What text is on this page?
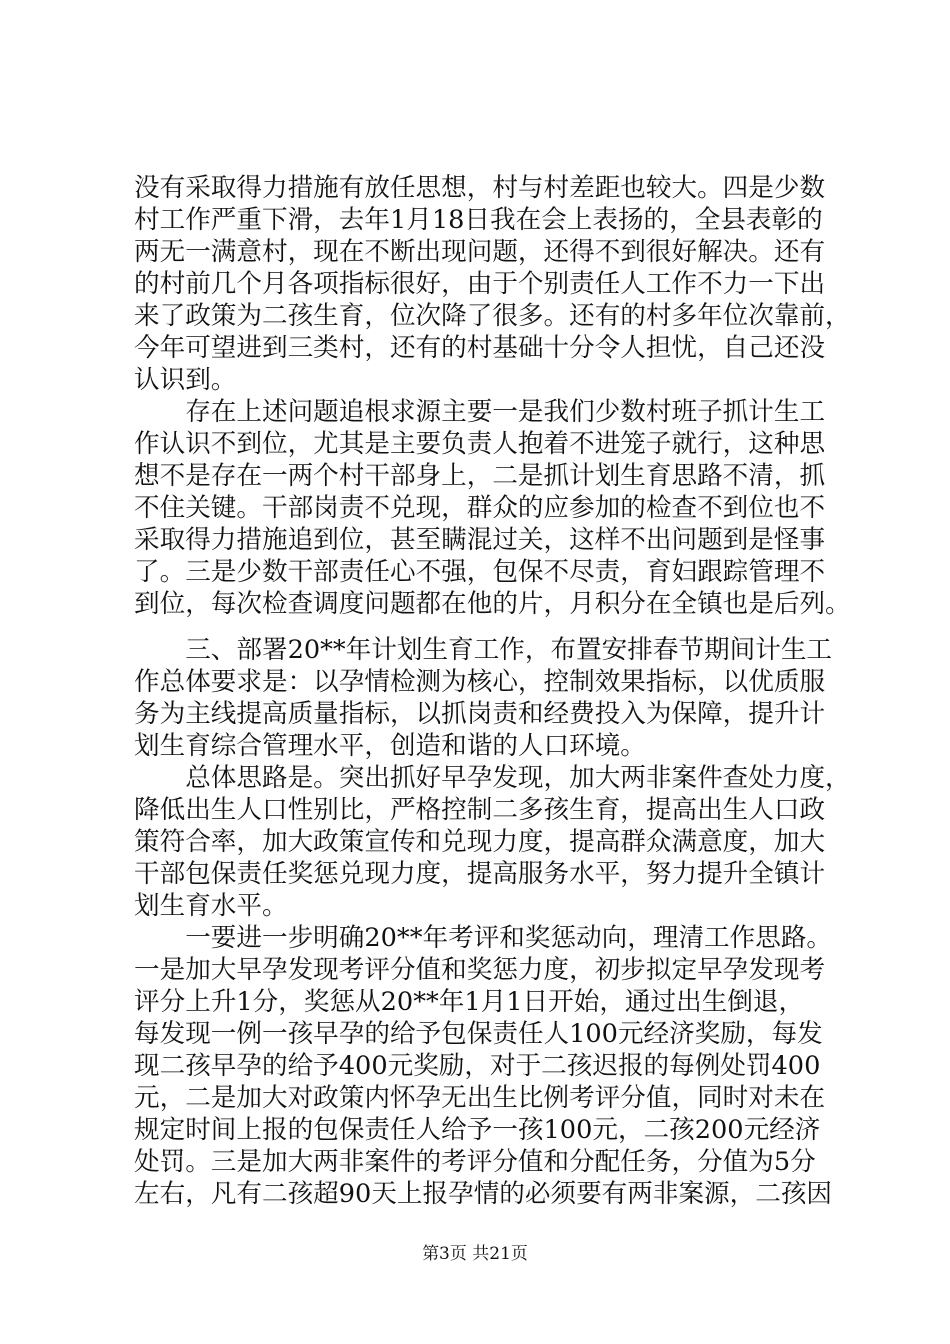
没有采取得力措施有放任思想，村与村差距也较大。四是少数
村工作严重下滑，去年1月18日我在会上表扬的，全县表彰的
两无一满意村，现在不断出现问题，还得不到很好解决。还有
的村前几个月各项指标很好，由于个别责任人工作不力一下出
来了政策为二孩生育，位次降了很多。还有的村多年位次靠前，
今年可望进到三类村，还有的村基础十分令人担忧，自己还没
认识到。
　　存在上述问题追根求源主要一是我们少数村班子抓计生工
作认识不到位，尤其是主要负责人抱着不进笼子就行，这种思
想不是存在一两个村干部身上，二是抓计划生育思路不清，抓
不住关键。干部岗责不兑现，群众的应参加的检查不到位也不
采取得力措施追到位，甚至瞒混过关，这样不出问题到是怪事
了。三是少数干部责任心不强，包保不尽责，育妇跟踪管理不
到位，每次检查调度问题都在他的片，月积分在全镇也是后列。
　　三、部署20**年计划生育工作，布置安排春节期间计生工
作总体要求是：以孕情检测为核心，控制效果指标，以优质服
务为主线提高质量指标，以抓岗责和经费投入为保障，提升计
划生育综合管理水平，创造和谐的人口环境。
　　总体思路是。突出抓好早孕发现，加大两非案件查处力度，
降低出生人口性别比，严格控制二多孩生育，提高出生人口政
策符合率，加大政策宣传和兑现力度，提高群众满意度，加大
干部包保责任奖惩兑现力度，提高服务水平，努力提升全镇计
划生育水平。
　　一要进一步明确20**年考评和奖惩动向，理清工作思路。
一是加大早孕发现考评分值和奖惩力度，初步拟定早孕发现考
评分上升1分，奖惩从20**年1月1日开始，通过出生倒退，
每发现一例一孩早孕的给予包保责任人100元经济奖励，每发
现二孩早孕的给予400元奖励，对于二孩迟报的每例处罚400
元，二是加大对政策内怀孕无出生比例考评分值，同时对未在
规定时间上报的包保责任人给予一孩100元，二孩200元经济
处罚。三是加大两非案件的考评分值和分配任务，分值为5分
左右，凡有二孩超90天上报孕情的必须要有两非案源，二孩因
第3页 共21页
